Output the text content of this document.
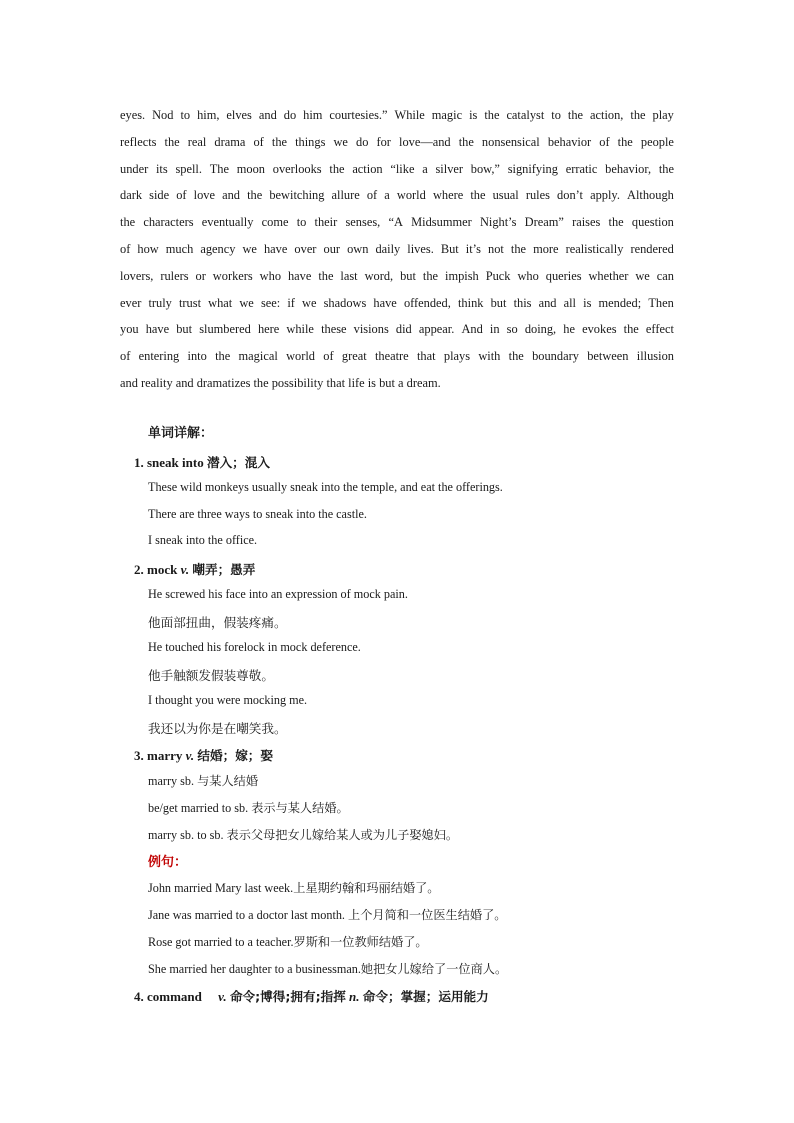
eyes. Nod to him, elves and do him courtesies.” While magic is the catalyst to the action, the play
reflects the real drama of the things we do for love—and the nonsensical behavior of the people
under its spell. The moon overlooks the action “like a silver bow,” signifying erratic behavior, the
dark side of love and the bewitching allure of a world where the usual rules don’t apply. Although
the characters eventually come to their senses, “A Midsummer Night’s Dream” raises the question
of how much agency we have over our own daily lives. But it’s not the more realistically rendered
lovers, rulers or workers who have the last word, but the impish Puck who queries whether we can
ever truly trust what we see: if we shadows have offended, think but this and all is mended; Then
you have but slumbered here while these visions did appear. And in so doing, he evokes the effect
of entering into the magical world of great theatre that plays with the boundary between illusion
and reality and dramatizes the possibility that life is but a dream.
单词详解：
1. sneak into 潜入；混入
These wild monkeys usually sneak into the temple, and eat the offerings.
There are three ways to sneak into the castle.
I sneak into the office.
2. mock v. 嘲弄；愚弄
He screwed his face into an expression of mock pain.
他面部扭曲，假装疼痛。
He touched his forelock in mock deference.
他手触额发假装尊敬。
I thought you were mocking me.
我还以为你是在嘲笑我。
3. marry v. 结婚；嫁；娶
marry sb. 与某人结婚
be/get married to sb. 表示与某人结婚。
marry sb. to sb. 表示父母把女儿嫁给某人或为儿子娶媳妇。
例句：
John married Mary last week.上星期约翰和玛丽结婚了。
Jane was married to a doctor last month. 上个月简和一位医生结婚了。
Rose got married to a teacher.罗斯和一位教师结婚了。
She married her daughter to a businessman.她把女儿嫁给了一位商人。
4. command v. 命令;博得;拥有;指挥 n. 命令；掌握；运用能力
